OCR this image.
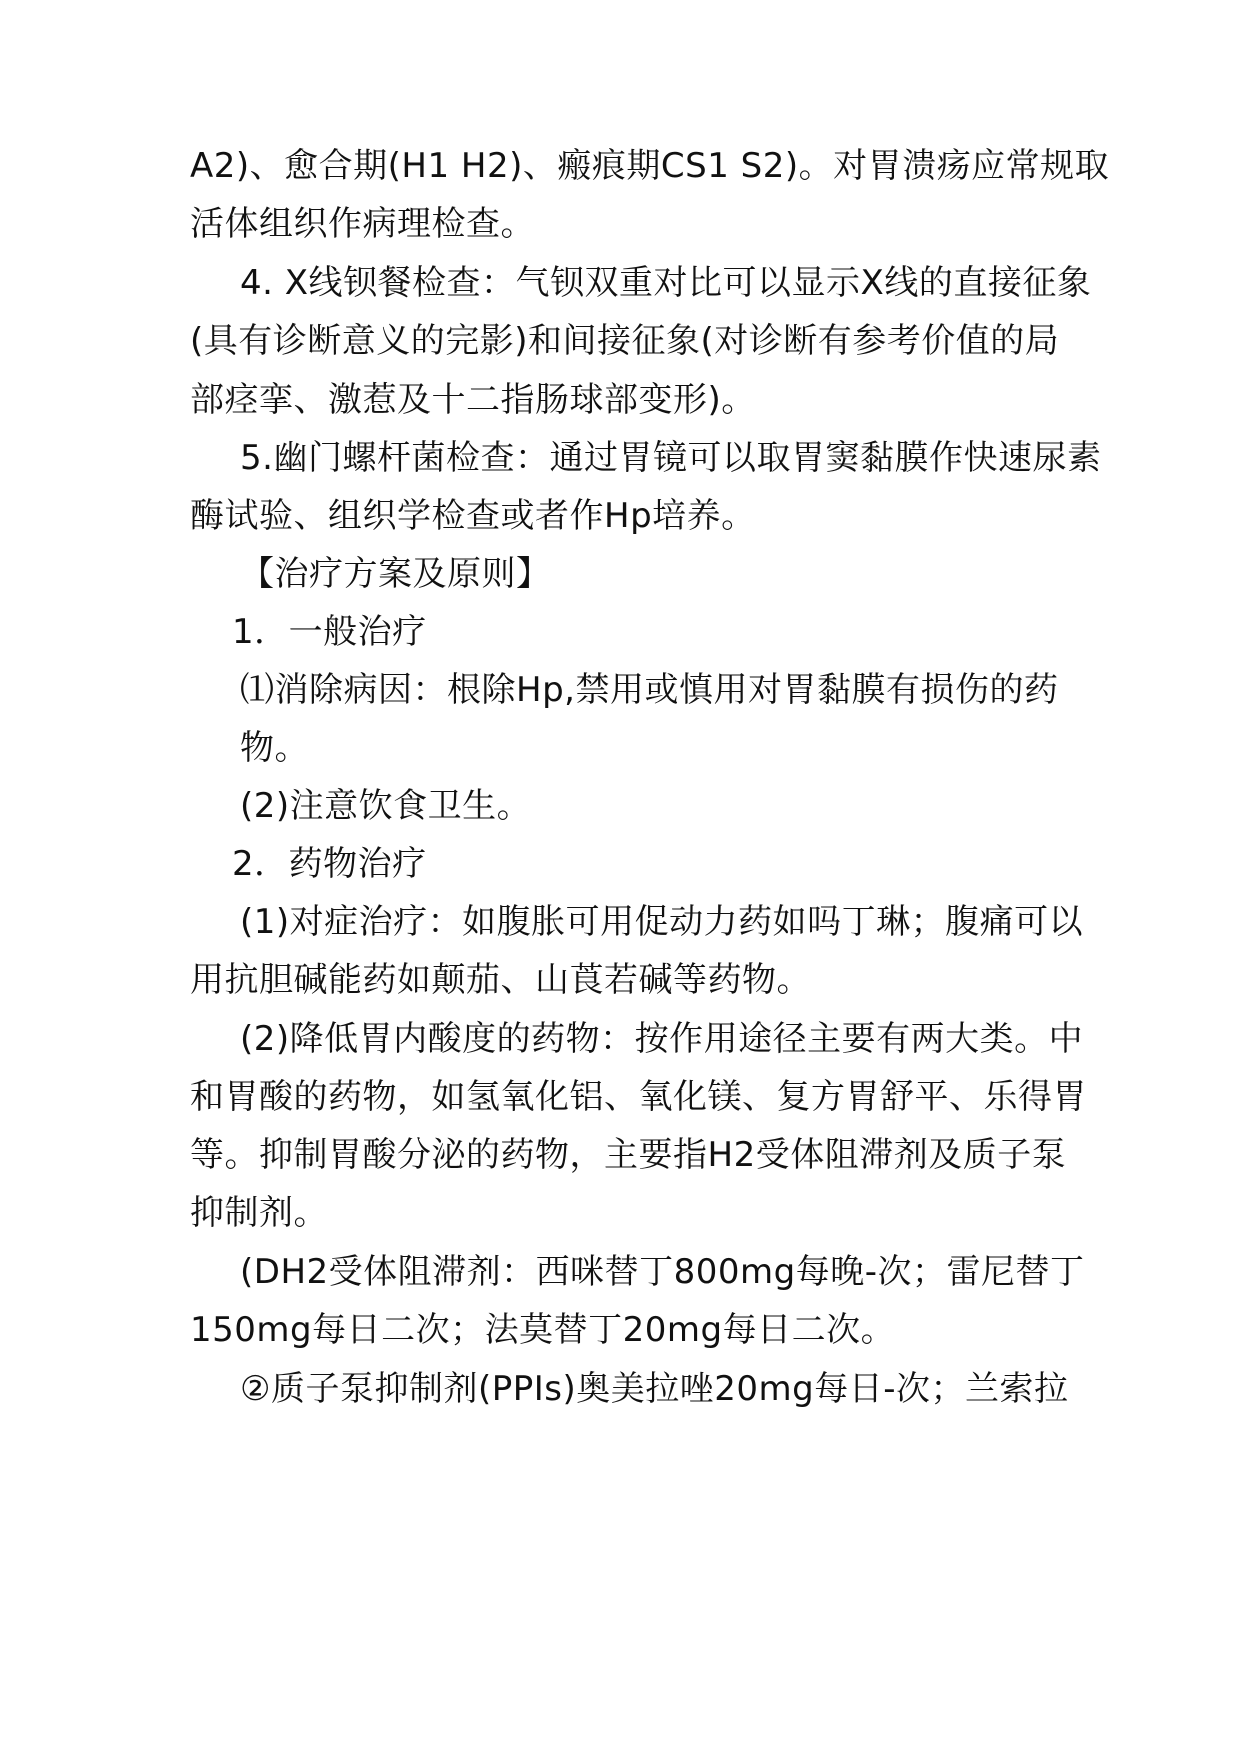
A2)、愈合期(H1 H2)、瘢痕期CS1 S2)。对胃溃疡应常规取
活体组织作病理检查。
4. X线钡餐检查：气钡双重对比可以显示X线的直接征象
(具有诊断意义的完影)和间接征象(对诊断有参考价值的局
部痉挛、激惹及十二指肠球部变形)。
5.幽门螺杆菌检查：通过胃镜可以取胃窦黏膜作快速尿素
酶试验、组织学检查或者作Hp培养。
【治疗方案及原则】
1．一般治疗
⑴消除病因：根除Hp,禁用或慎用对胃黏膜有损伤的药
物。
(2)注意饮食卫生。
2．药物治疗
(1)对症治疗：如腹胀可用促动力药如吗丁琳；腹痛可以
用抗胆碱能药如颠茄、山莨若碱等药物。
(2)降低胃内酸度的药物：按作用途径主要有两大类。中
和胃酸的药物，如氢氧化铝、氧化镁、复方胃舒平、乐得胃
等。抑制胃酸分泌的药物，主要指H2受体阻滞剂及质子泵
抑制剂。
(DH2受体阻滞剂：西咪替丁800mg每晚-次；雷尼替丁
150mg每日二次；法莫替丁20mg每日二次。
②质子泵抑制剂(PPIs)奥美拉唑20mg每日-次；兰索拉
